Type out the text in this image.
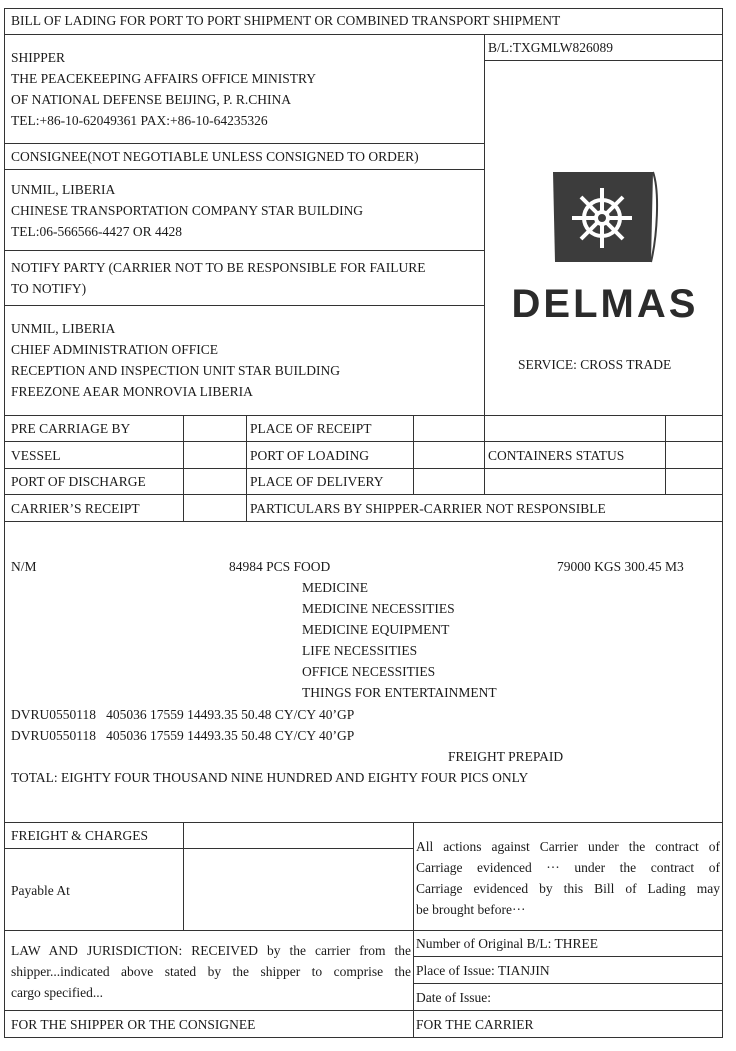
BILL OF LADING FOR PORT TO PORT SHIPMENT OR COMBINED TRANSPORT SHIPMENT
B/L:TXGMLW826089
SHIPPER
THE PEACEKEEPING AFFAIRS OFFICE MINISTRY
OF NATIONAL DEFENSE BEIJING, P. R.CHINA
TEL:+86-10-62049361 PAX:+86-10-64235326
CONSIGNEE(NOT NEGOTIABLE UNLESS CONSIGNED TO ORDER)
UNMIL, LIBERIA
CHINESE TRANSPORTATION COMPANY STAR BUILDING
TEL:06-566566-4427 OR 4428
NOTIFY PARTY (CARRIER NOT TO BE RESPONSIBLE FOR FAILURE
TO NOTIFY)
UNMIL, LIBERIA
CHIEF ADMINISTRATION OFFICE
RECEPTION AND INSPECTION UNIT STAR BUILDING
FREEZONE AEAR MONROVIA LIBERIA
DELMAS
SERVICE: CROSS TRADE
PRE CARRIAGE BY	PLACE OF RECEIPT
VESSEL	PORT OF LOADING	CONTAINERS STATUS
PORT OF DISCHARGE	PLACE OF DELIVERY
CARRIER’S RECEIPT	PARTICULARS BY SHIPPER-CARRIER NOT RESPONSIBLE
N/M	84984 PCS FOOD	79000 KGS 300.45 M3
MEDICINE
MEDICINE NECESSITIES
MEDICINE EQUIPMENT
LIFE NECESSITIES
OFFICE NECESSITIES
THINGS FOR ENTERTAINMENT
DVRU0550118   405036 17559 14493.35 50.48 CY/CY 40’GP
DVRU0550118   405036 17559 14493.35 50.48 CY/CY 40’GP
FREIGHT PREPAID
TOTAL: EIGHTY FOUR THOUSAND NINE HUNDRED AND EIGHTY FOUR PICS ONLY
FREIGHT & CHARGES
Payable At
All actions against Carrier under the contract of
Carriage evidenced ··· under the contract of
Carriage evidenced by this Bill of Lading may
be brought before···
LAW AND JURISDICTION: RECEIVED by the carrier from the
shipper...indicated above stated by the shipper to comprise the
cargo specified...
Number of Original B/L: THREE
Place of Issue: TIANJIN
Date of Issue:
FOR THE SHIPPER OR THE CONSIGNEE	FOR THE CARRIER
